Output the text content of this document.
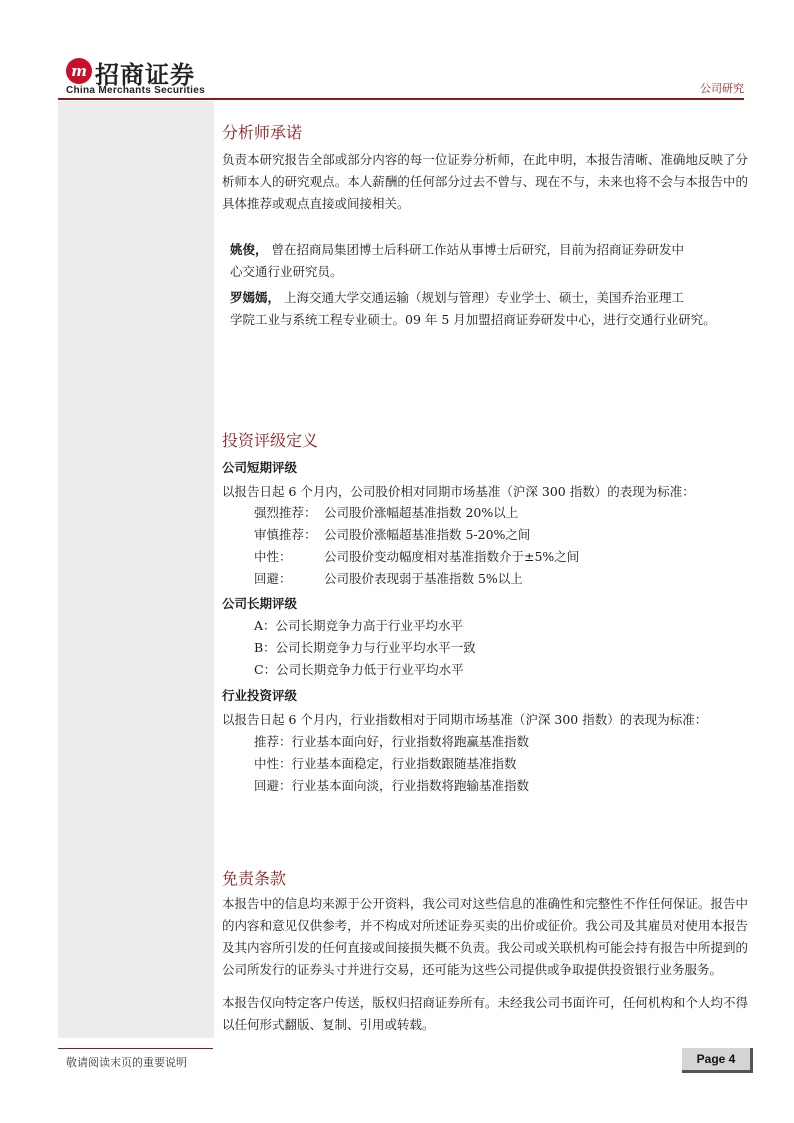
m 招商证券
China Merchants Securities	公司研究
分析师承诺
负责本研究报告全部或部分内容的每一位证券分析师，在此申明，本报告清晰、准确地反映了分析师本人的研究观点。本人薪酬的任何部分过去不曾与、现在不与，未来也将不会与本报告中的具体推荐或观点直接或间接相关。
姚俊， 曾在招商局集团博士后科研工作站从事博士后研究，目前为招商证券研发中
心交通行业研究员。
罗嫣嫣， 上海交通大学交通运输（规划与管理）专业学士、硕士，美国乔治亚理工
学院工业与系统工程专业硕士。09 年 5 月加盟招商证券研发中心，进行交通行业研究。
投资评级定义
公司短期评级
以报告日起 6 个月内，公司股价相对同期市场基准（沪深 300 指数）的表现为标准：
强烈推荐： 公司股价涨幅超基准指数 20%以上
审慎推荐： 公司股价涨幅超基准指数 5-20%之间
中性：	公司股价变动幅度相对基准指数介于±5%之间
回避：	公司股价表现弱于基准指数 5%以上
公司长期评级
A：公司长期竞争力高于行业平均水平
B：公司长期竞争力与行业平均水平一致
C：公司长期竞争力低于行业平均水平
行业投资评级
以报告日起 6 个月内，行业指数相对于同期市场基准（沪深 300 指数）的表现为标准：
推荐：行业基本面向好，行业指数将跑赢基准指数
中性：行业基本面稳定，行业指数跟随基准指数
回避：行业基本面向淡，行业指数将跑输基准指数
免责条款
本报告中的信息均来源于公开资料，我公司对这些信息的准确性和完整性不作任何保证。报告中的内容和意见仅供参考，并不构成对所述证券买卖的出价或征价。我公司及其雇员对使用本报告及其内容所引发的任何直接或间接损失概不负责。我公司或关联机构可能会持有报告中所提到的公司所发行的证券头寸并进行交易，还可能为这些公司提供或争取提供投资银行业务服务。
本报告仅向特定客户传送，版权归招商证券所有。未经我公司书面许可，任何机构和个人均不得以任何形式翻版、复制、引用或转载。
敬请阅读末页的重要说明	Page 4
